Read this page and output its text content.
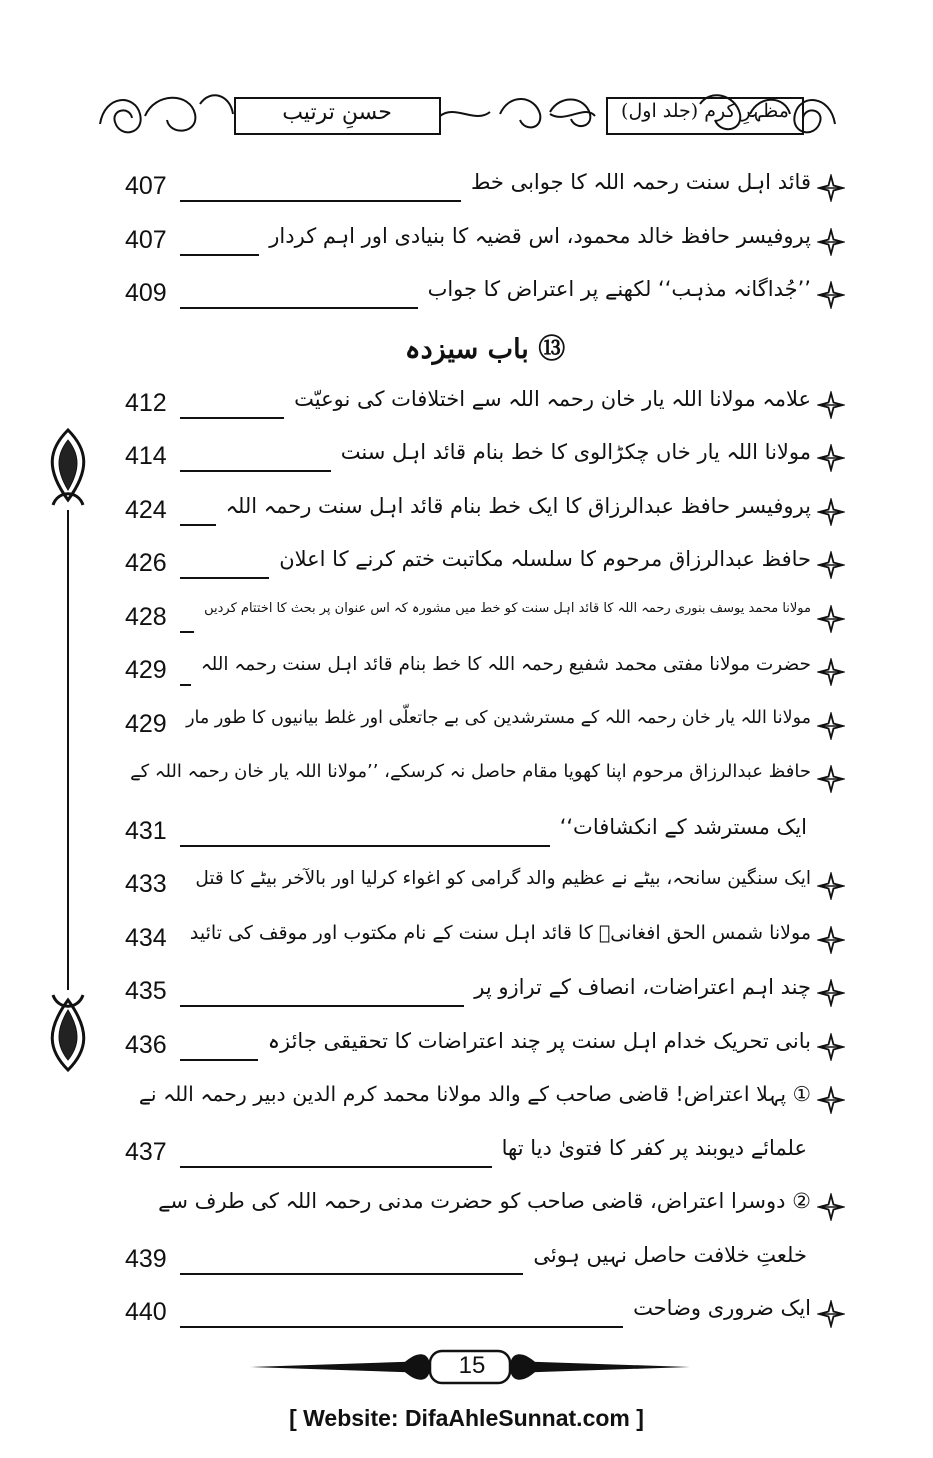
مظہرِ کرم (جلد اول)
حسنِ ترتیب
قائد اہل سنت رحمہ اللہ کا جوابی خط
407
پروفیسر حافظ خالد محمود، اس قضیہ کا بنیادی اور اہم کردار
407
’’جُداگانہ مذہب‘‘ لکھنے پر اعتراض کا جواب
409
باب سیزدہ ⑬
علامہ مولانا اللہ یار خان رحمہ اللہ سے اختلافات کی نوعیّت
412
مولانا اللہ یار خاں چکڑالوی کا خط بنام قائد اہل سنت
414
پروفیسر حافظ عبدالرزاق کا ایک خط بنام قائد اہل سنت رحمہ اللہ
424
حافظ عبدالرزاق مرحوم کا سلسلہ مکاتبت ختم کرنے کا اعلان
426
مولانا محمد یوسف بنوری رحمہ اللہ کا قائد اہل سنت کو خط میں مشورہ کہ اس عنوان پر بحث کا اختتام کردیں
428
حضرت مولانا مفتی محمد شفیع رحمہ اللہ کا خط بنام قائد اہل سنت رحمہ اللہ
429
مولانا اللہ یار خان رحمہ اللہ کے مسترشدین کی بے جاتعلّی اور غلط بیانیوں کا طور مار
429
حافظ عبدالرزاق مرحوم اپنا کھویا مقام حاصل نہ کرسکے، ’’مولانا اللہ یار خان رحمہ اللہ کے
ایک مسترشد کے انکشافات‘‘
431
ایک سنگین سانحہ، بیٹے نے عظیم والد گرامی کو اغواء کرلیا اور بالآخر بیٹے کا قتل
433
مولانا شمس الحق افغانیؒ کا قائد اہل سنت کے نام مکتوب اور موقف کی تائید
434
چند اہم اعتراضات، انصاف کے ترازو پر
435
بانی تحریک خدام اہل سنت پر چند اعتراضات کا تحقیقی جائزہ
436
① پہلا اعتراض! قاضی صاحب کے والد مولانا محمد کرم الدین دبیر رحمہ اللہ نے
علمائے دیوبند پر کفر کا فتویٰ دیا تھا
437
② دوسرا اعتراض، قاضی صاحب کو حضرت مدنی رحمہ اللہ کی طرف سے
خلعتِ خلافت حاصل نہیں ہوئی
439
ایک ضروری وضاحت
440
15
[ Website: DifaAhleSunnat.com ]
